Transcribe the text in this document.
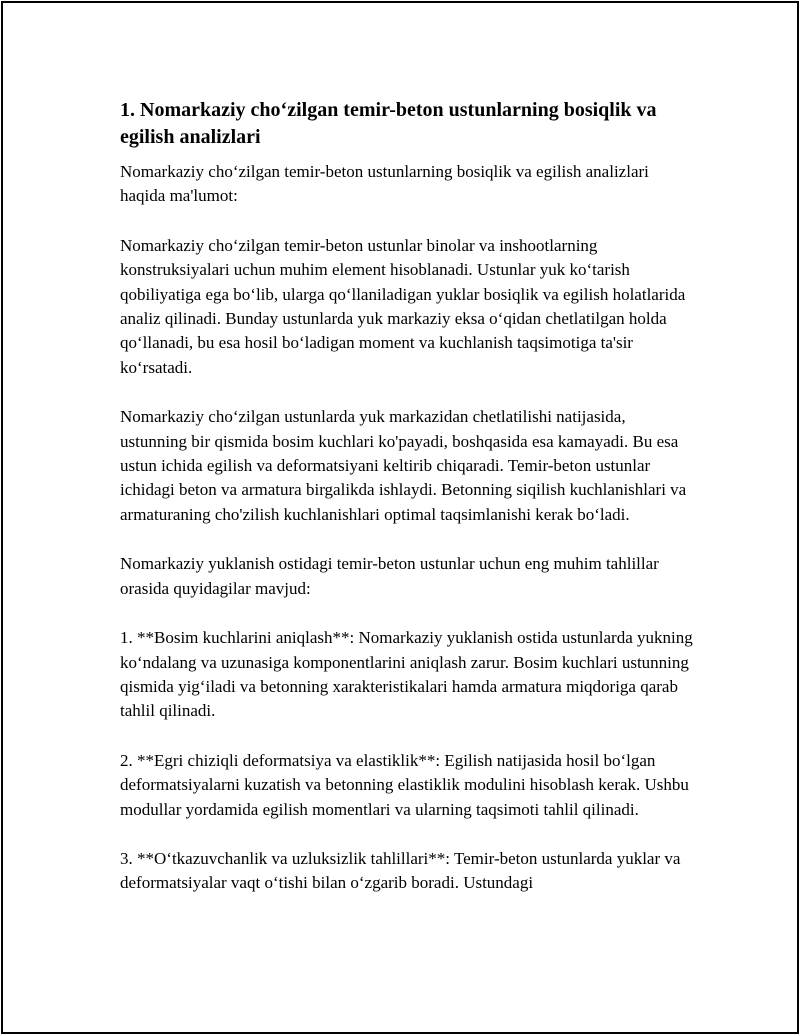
1. Nomarkaziy cho‘zilgan temir-beton ustunlarning bosiqlik va egilish analizlari

Nomarkaziy cho‘zilgan temir-beton ustunlarning bosiqlik va egilish analizlari haqida ma'lumot:

Nomarkaziy cho‘zilgan temir-beton ustunlar binolar va inshootlarning konstruksiyalari uchun muhim element hisoblanadi. Ustunlar yuk ko‘tarish qobiliyatiga ega bo‘lib, ularga qo‘llaniladigan yuklar bosiqlik va egilish holatlarida analiz qilinadi. Bunday ustunlarda yuk markaziy eksa o‘qidan chetlatilgan holda qo‘llanadi, bu esa hosil bo‘ladigan moment va kuchlanish taqsimotiga ta'sir ko‘rsatadi.

Nomarkaziy cho‘zilgan ustunlarda yuk markazidan chetlatilishi natijasida, ustunning bir qismida bosim kuchlari ko'payadi, boshqasida esa kamayadi. Bu esa ustun ichida egilish va deformatsiyani keltirib chiqaradi. Temir-beton ustunlar ichidagi beton va armatura birgalikda ishlaydi. Betonning siqilish kuchlanishlari va armaturaning cho'zilish kuchlanishlari optimal taqsimlanishi kerak bo‘ladi.

Nomarkaziy yuklanish ostidagi temir-beton ustunlar uchun eng muhim tahlillar orasida quyidagilar mavjud:

1. **Bosim kuchlarini aniqlash**: Nomarkaziy yuklanish ostida ustunlarda yukning ko‘ndalang va uzunasiga komponentlarini aniqlash zarur. Bosim kuchlari ustunning qismida yig‘iladi va betonning xarakteristikalari hamda armatura miqdoriga qarab tahlil qilinadi.

2. **Egri chiziqli deformatsiya va elastiklik**: Egilish natijasida hosil bo‘lgan deformatsiyalarni kuzatish va betonning elastiklik modulini hisoblash kerak. Ushbu modullar yordamida egilish momentlari va ularning taqsimoti tahlil qilinadi.

3. **O‘tkazuvchanlik va uzluksizlik tahlillari**: Temir-beton ustunlarda yuklar va deformatsiyalar vaqt o‘tishi bilan o‘zgarib boradi. Ustundagi
